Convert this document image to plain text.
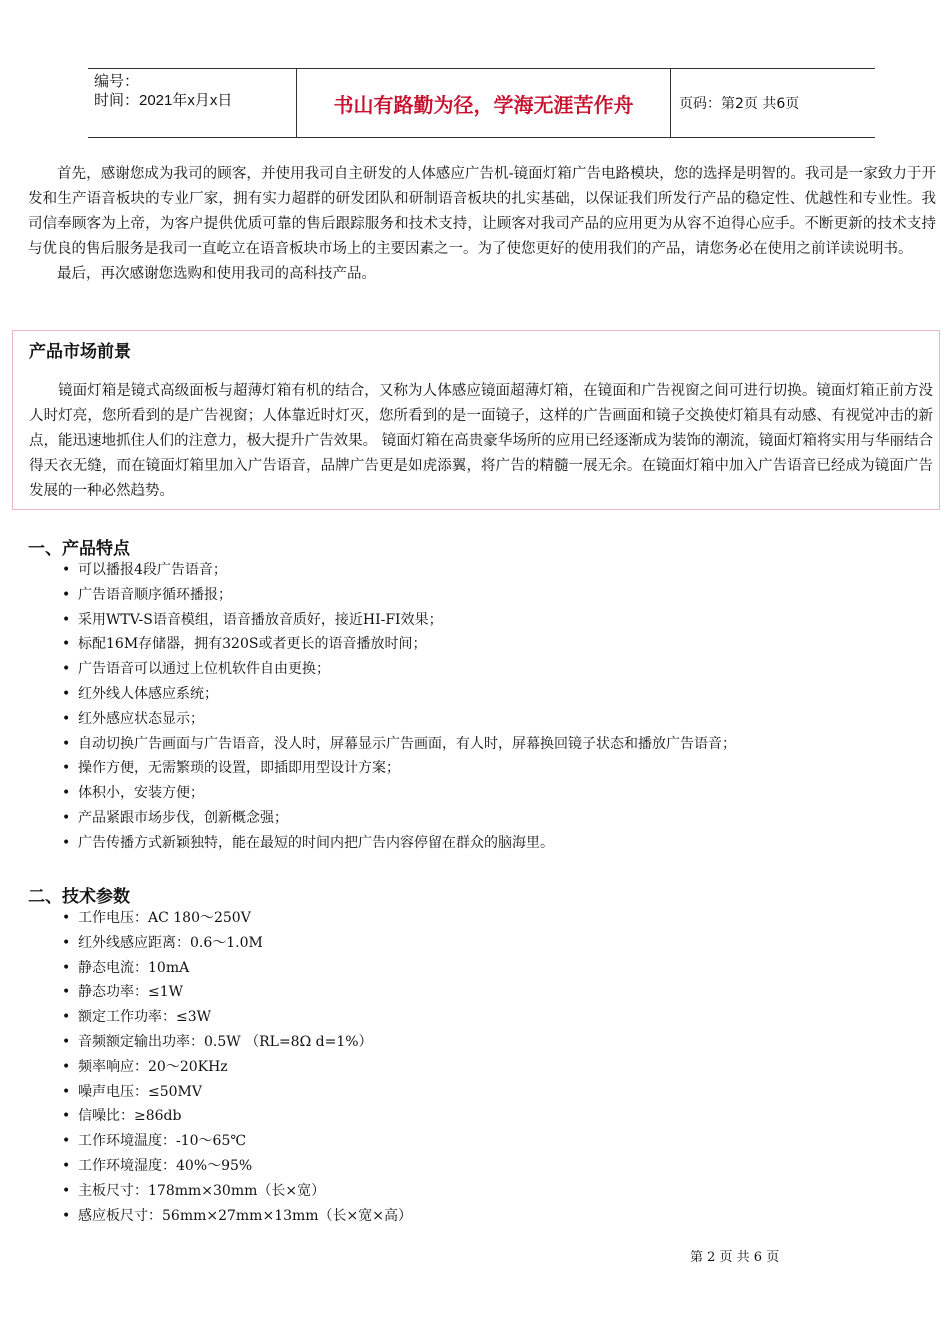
编号：
时间：2021年x月x日	书山有路勤为径，学海无涯苦作舟	页码：第2页 共6页

首先，感谢您成为我司的顾客，并使用我司自主研发的人体感应广告机-镜面灯箱广告电路模块，您的选择是明智的。我司是一家致力于开发和生产语音板块的专业厂家，拥有实力超群的研发团队和研制语音板块的扎实基础，以保证我们所发行产品的稳定性、优越性和专业性。我司信奉顾客为上帝，为客户提供优质可靠的售后跟踪服务和技术支持，让顾客对我司产品的应用更为从容不迫得心应手。不断更新的技术支持与优良的售后服务是我司一直屹立在语音板块市场上的主要因素之一。为了使您更好的使用我们的产品，请您务必在使用之前详读说明书。

最后，再次感谢您选购和使用我司的高科技产品。

产品市场前景

镜面灯箱是镜式高级面板与超薄灯箱有机的结合，又称为人体感应镜面超薄灯箱，在镜面和广告视窗之间可进行切换。镜面灯箱正前方没人时灯亮，您所看到的是广告视窗；人体靠近时灯灭，您所看到的是一面镜子，这样的广告画面和镜子交换使灯箱具有动感、有视觉冲击的新点，能迅速地抓住人们的注意力，极大提升广告效果。 镜面灯箱在高贵豪华场所的应用已经逐渐成为装饰的潮流，镜面灯箱将实用与华丽结合得天衣无缝，而在镜面灯箱里加入广告语音，品牌广告更是如虎添翼，将广告的精髓一展无余。在镜面灯箱中加入广告语音已经成为镜面广告发展的一种必然趋势。

一、产品特点
• 可以播报4段广告语音；
• 广告语音顺序循环播报；
• 采用WTV-S语音模组，语音播放音质好，接近HI-FI效果；
• 标配16M存储器，拥有320S或者更长的语音播放时间；
• 广告语音可以通过上位机软件自由更换；
• 红外线人体感应系统；
• 红外感应状态显示；
• 自动切换广告画面与广告语音，没人时，屏幕显示广告画面，有人时，屏幕换回镜子状态和播放广告语音；
• 操作方便，无需繁琐的设置，即插即用型设计方案；
• 体积小，安装方便；
• 产品紧跟市场步伐，创新概念强；
• 广告传播方式新颖独特，能在最短的时间内把广告内容停留在群众的脑海里。
二、技术参数
• 工作电压：AC 180～250V
• 红外线感应距离：0.6～1.0M
• 静态电流：10mA
• 静态功率：≤1W
• 额定工作功率：≤3W
• 音频额定输出功率：0.5W （RL=8Ω d=1%）
• 频率响应：20～20KHz
• 噪声电压：≤50MV
• 信噪比：≥86db
• 工作环境温度：-10～65℃
• 工作环境湿度：40%～95%
• 主板尺寸：178mm×30mm（长×宽）
• 感应板尺寸：56mm×27mm×13mm（长×宽×高）
第 2 页 共 6 页
